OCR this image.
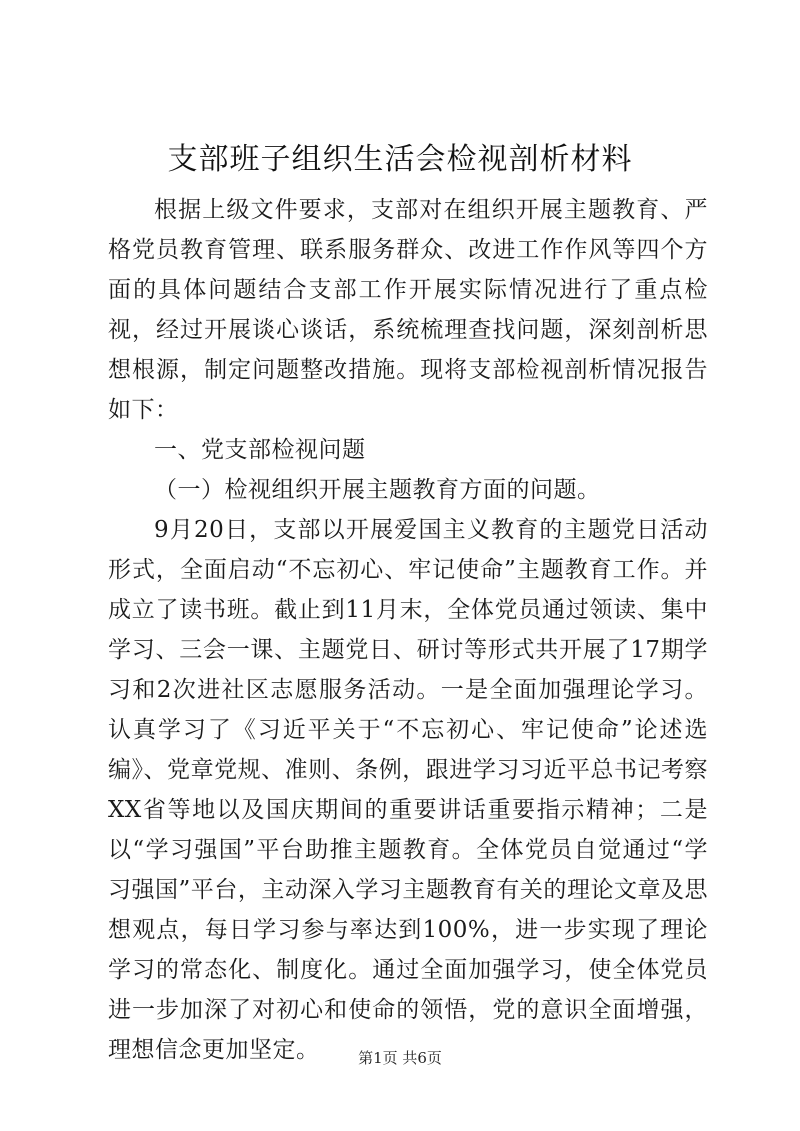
支部班子组织生活会检视剖析材料

根据上级文件要求，支部对在组织开展主题教育、严格党员教育管理、联系服务群众、改进工作作风等四个方面的具体问题结合支部工作开展实际情况进行了重点检视，经过开展谈心谈话，系统梳理查找问题，深刻剖析思想根源，制定问题整改措施。现将支部检视剖析情况报告如下：

一、党支部检视问题

（一）检视组织开展主题教育方面的问题。

9月20日，支部以开展爱国主义教育的主题党日活动形式，全面启动“不忘初心、牢记使命”主题教育工作。并成立了读书班。截止到11月末，全体党员通过领读、集中学习、三会一课、主题党日、研讨等形式共开展了17期学习和2次进社区志愿服务活动。一是全面加强理论学习。认真学习了《习近平关于“不忘初心、牢记使命”论述选编》、党章党规、准则、条例，跟进学习习近平总书记考察XX省等地以及国庆期间的重要讲话重要指示精神；二是以“学习强国”平台助推主题教育。全体党员自觉通过“学习强国”平台，主动深入学习主题教育有关的理论文章及思想观点，每日学习参与率达到100%，进一步实现了理论学习的常态化、制度化。通过全面加强学习，使全体党员进一步加深了对初心和使命的领悟，党的意识全面增强，理想信念更加坚定。	第1页 共6页
